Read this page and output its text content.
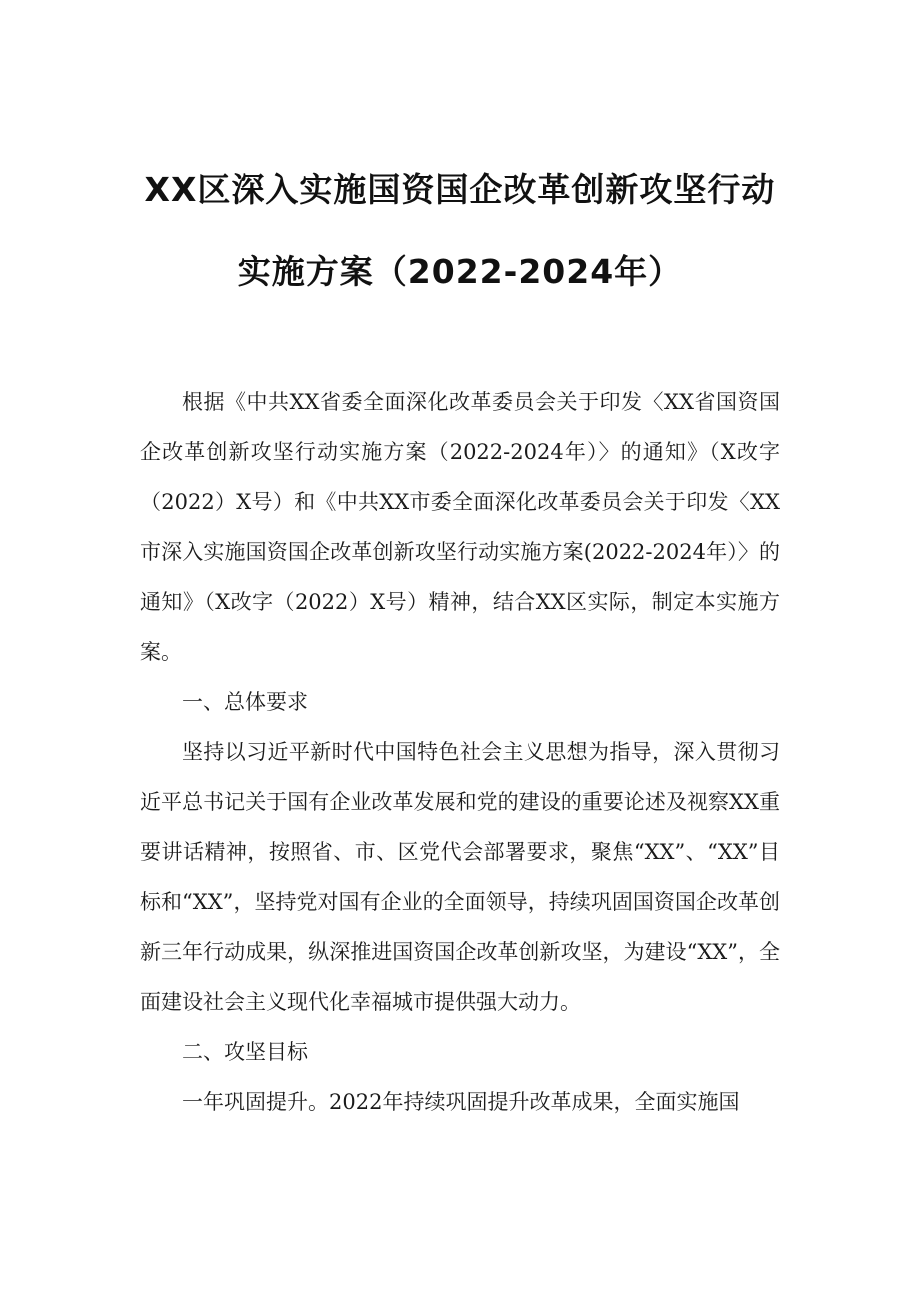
XX区深入实施国资国企改革创新攻坚行动
实施方案（2022-2024年）

根据《中共XX省委全面深化改革委员会关于印发〈XX省国资国企改革创新攻坚行动实施方案（2022-2024年）〉的通知》（X改字（2022）X号）和《中共XX市委全面深化改革委员会关于印发〈XX市深入实施国资国企改革创新攻坚行动实施方案(2022-2024年）〉的通知》（X改字（2022）X号）精神，结合XX区实际，制定本实施方案。

一、总体要求

坚持以习近平新时代中国特色社会主义思想为指导，深入贯彻习近平总书记关于国有企业改革发展和党的建设的重要论述及视察XX重要讲话精神，按照省、市、区党代会部署要求，聚焦“XX”、“XX”目标和“XX”，坚持党对国有企业的全面领导，持续巩固国资国企改革创新三年行动成果，纵深推进国资国企改革创新攻坚，为建设“XX”，全面建设社会主义现代化幸福城市提供强大动力。

二、攻坚目标

一年巩固提升。2022年持续巩固提升改革成果，全面实施国
